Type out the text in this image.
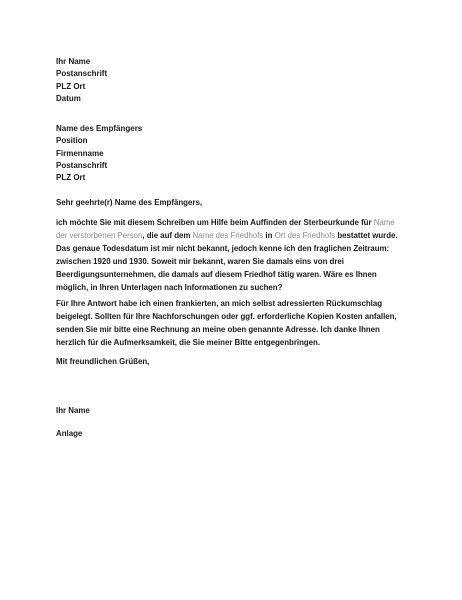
Ihr Name
Postanschrift
PLZ Ort
Datum
Name des Empfängers
Position
Firmenname
Postanschrift
PLZ Ort
Sehr geehrte(r) Name des Empfängers,

ich möchte Sie mit diesem Schreiben um Hilfe beim Auffinden der Sterbeurkunde für Name der verstorbenen Person, die auf dem Name des Friedhofs in Ort des Friedhofs bestattet wurde. Das genaue Todesdatum ist mir nicht bekannt, jedoch kenne ich den fraglichen Zeitraum: zwischen 1920 und 1930. Soweit mir bekannt, waren Sie damals eins von drei Beerdigungsunternehmen, die damals auf diesem Friedhof tätig waren. Wäre es Ihnen möglich, in Ihren Unterlagen nach Informationen zu suchen?

Für Ihre Antwort habe ich einen frankierten, an mich selbst adressierten Rückumschlag beigelegt. Sollten für Ihre Nachforschungen oder ggf. erforderliche Kopien Kosten anfallen, senden Sie mir bitte eine Rechnung an meine oben genannte Adresse. Ich danke Ihnen herzlich für die Aufmerksamkeit, die Sie meiner Bitte entgegenbringen.

Mit freundlichen Grüßen,
Ihr Name
Anlage
